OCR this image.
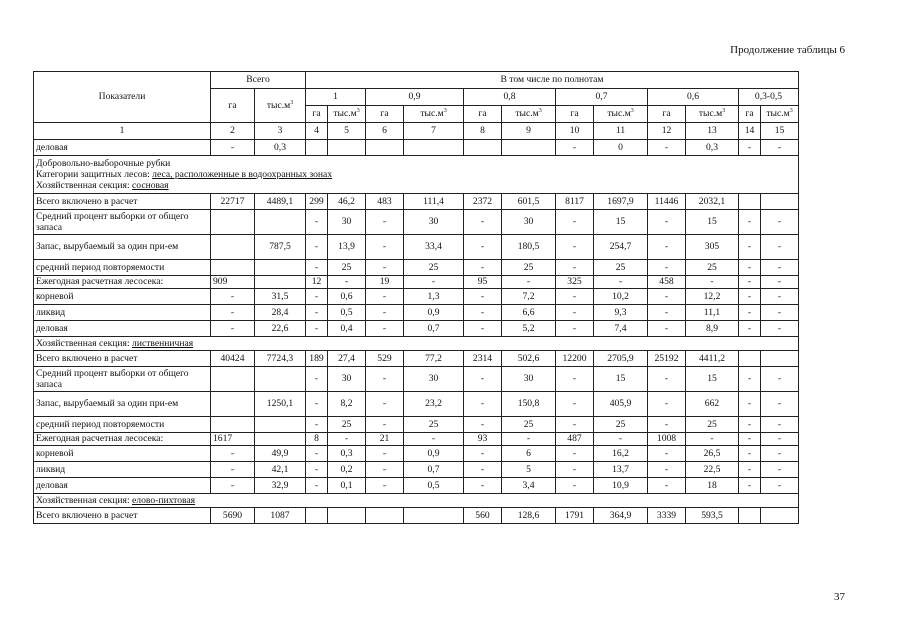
Продолжение таблицы 6
Показатели	Всего		В том числе по полнотам											
	га	$тыс.м^3$	1		0,9		0,8		0,7		0,6		0,3-0,5	
			га	$тыс.м^3$	га	$тыс.м^3$	га	$тыс.м^3$	га	$тыс.м^3$	га	$тыс.м^3$	га	$тыс.м^3$
1	2	3	4	5	6	7	8	9	10	11	12	13	14	15
деловая	-	0,3							-	0	-	0,3	-	-

Добровольно-выборочные рубки
Категории защитных лесов: леса, расположенные в водоохранных зонах
Хозяйственная секция: сосновая														

Всего включено в расчет	22717	4489,1	299	46,2	483	111,4	2372	601,5	8117	1697,9	11446	2032,1		
Средний процент выборки от общего запаса			-	30	-	30	-	30	-	15	-	15	-	-
Запас, вырубаемый за один при-ем		787,5	-	13,9	-	33,4	-	180,5	-	254,7	-	305	-	-
средний период повторяемости			-	25	-	25	-	25	-	25	-	25	-	-
Ежегодная расчетная лесосека:	909		12	-	19	-	95	-	325	-	458	-	-	-
корневой	-	31,5	-	0,6	-	1,3	-	7,2	-	10,2	-	12,2	-	-
ликвид	-	28,4	-	0,5	-	0,9	-	6,6	-	9,3	-	11,1	-	-
деловая	-	22,6	-	0,4	-	0,7	-	5,2	-	7,4	-	8,9	-	-

Хозяйственная секция: лиственничная														

Всего включено в расчет	40424	7724,3	189	27,4	529	77,2	2314	502,6	12200	2705,9	25192	4411,2		
Средний процент выборки от общего запаса			-	30	-	30	-	30	-	15	-	15	-	-
Запас, вырубаемый за один при-ем		1250,1	-	8,2	-	23,2	-	150,8	-	405,9	-	662	-	-
средний период повторяемости			-	25	-	25	-	25	-	25	-	25	-	-
Ежегодная расчетная лесосека:	1617		8	-	21	-	93	-	487	-	1008	-	-	-
корневой	-	49,9	-	0,3	-	0,9	-	6	-	16,2	-	26,5	-	-
ликвид	-	42,1	-	0,2	-	0,7	-	5	-	13,7	-	22,5	-	-
деловая	-	32,9	-	0,1	-	0,5	-	3,4	-	10,9	-	18	-	-

Хозяйственная секция: елово-пихтовая														

Всего включено в расчет	5690	1087					560	128,6	1791	364,9	3339	593,5		
37
